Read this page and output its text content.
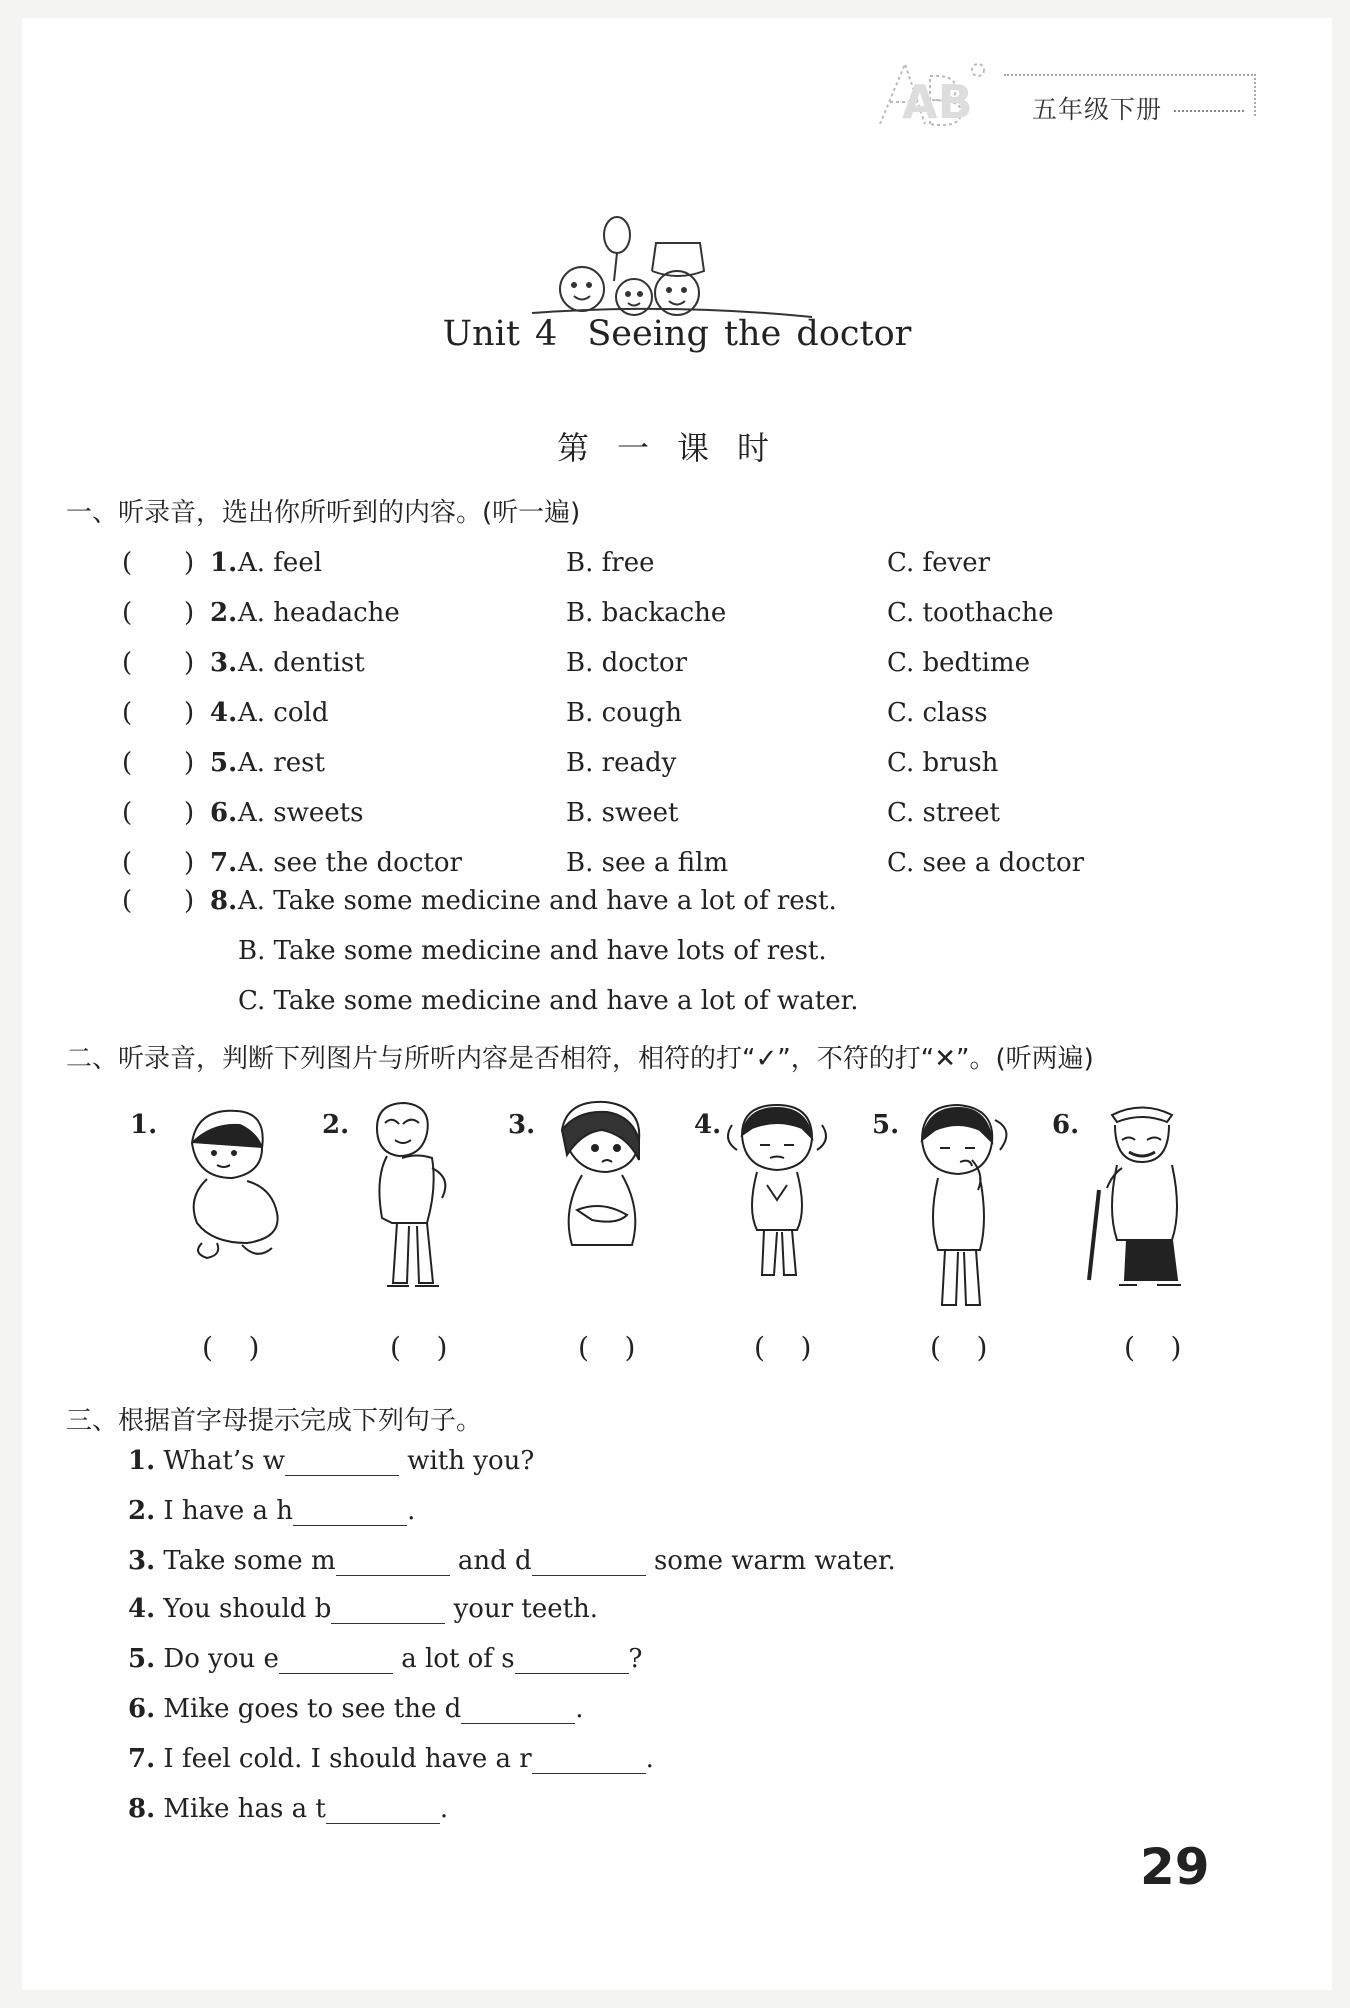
AB 五年级下册
Unit 4 Seeing the doctor
第一课时
一、听录音，选出你所听到的内容。(听一遍)
( ) 1. A. feel	B. free	C. fever
( ) 2. A. headache	B. backache	C. toothache
( ) 3. A. dentist	B. doctor	C. bedtime
( ) 4. A. cold	B. cough	C. class
( ) 5. A. rest	B. ready	C. brush
( ) 6. A. sweets	B. sweet	C. street
( ) 7. A. see the doctor	B. see a film	C. see a doctor
( ) 8. A. Take some medicine and have a lot of rest.
B. Take some medicine and have lots of rest.
C. Take some medicine and have a lot of water.
二、听录音，判断下列图片与所听内容是否相符，相符的打“✓”，不符的打“✕”。(听两遍)
1.	2.	3.	4.	5.	6.
(    )	(    )	(    )	(    )	(    )	(    )
三、根据首字母提示完成下列句子。
1. What’s w	with you?
2. I have a h	.
3. Take some m	and d	some warm water.
4. You should b	your teeth.
5. Do you e	a lot of s	?
6. Mike goes to see the d	.
7. I feel cold. I should have a r	.
8. Mike has a t	.
29
